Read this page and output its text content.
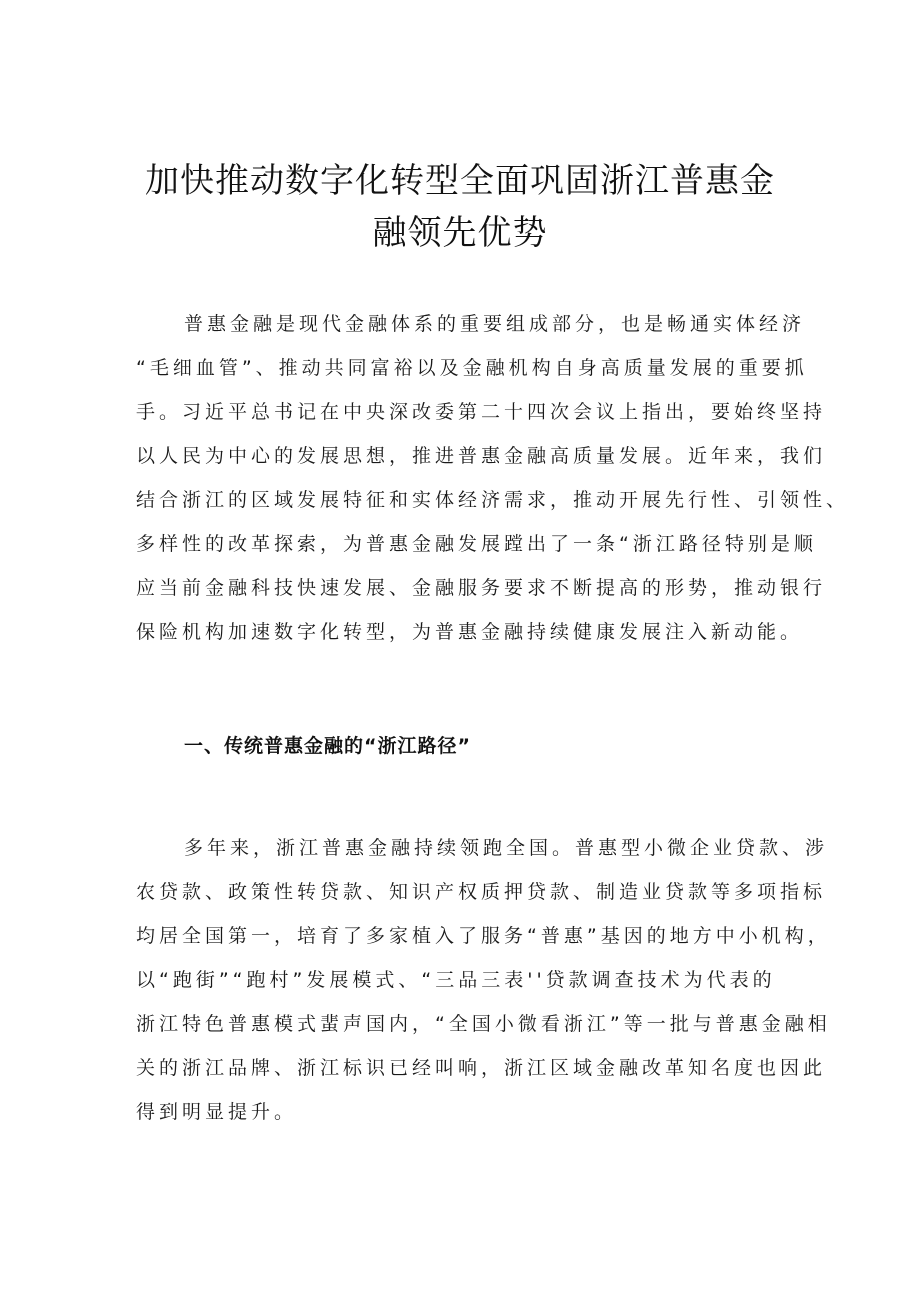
加快推动数字化转型全面巩固浙江普惠金
融领先优势
普惠金融是现代金融体系的重要组成部分，也是畅通实体经济
“毛细血管”、推动共同富裕以及金融机构自身高质量发展的重要抓
手。习近平总书记在中央深改委第二十四次会议上指出，要始终坚持
以人民为中心的发展思想，推进普惠金融高质量发展。近年来，我们
结合浙江的区域发展特征和实体经济需求，推动开展先行性、引领性、
多样性的改革探索，为普惠金融发展蹚出了一条“浙江路径特别是顺
应当前金融科技快速发展、金融服务要求不断提高的形势，推动银行
保险机构加速数字化转型，为普惠金融持续健康发展注入新动能。
一、传统普惠金融的“浙江路径”
多年来，浙江普惠金融持续领跑全国。普惠型小微企业贷款、涉
农贷款、政策性转贷款、知识产权质押贷款、制造业贷款等多项指标
均居全国第一，培育了多家植入了服务“普惠”基因的地方中小机构，
以“跑街”“跑村”发展模式、“三品三表''贷款调查技术为代表的
浙江特色普惠模式蜚声国内，“全国小微看浙江”等一批与普惠金融相
关的浙江品牌、浙江标识已经叫响，浙江区域金融改革知名度也因此
得到明显提升。
